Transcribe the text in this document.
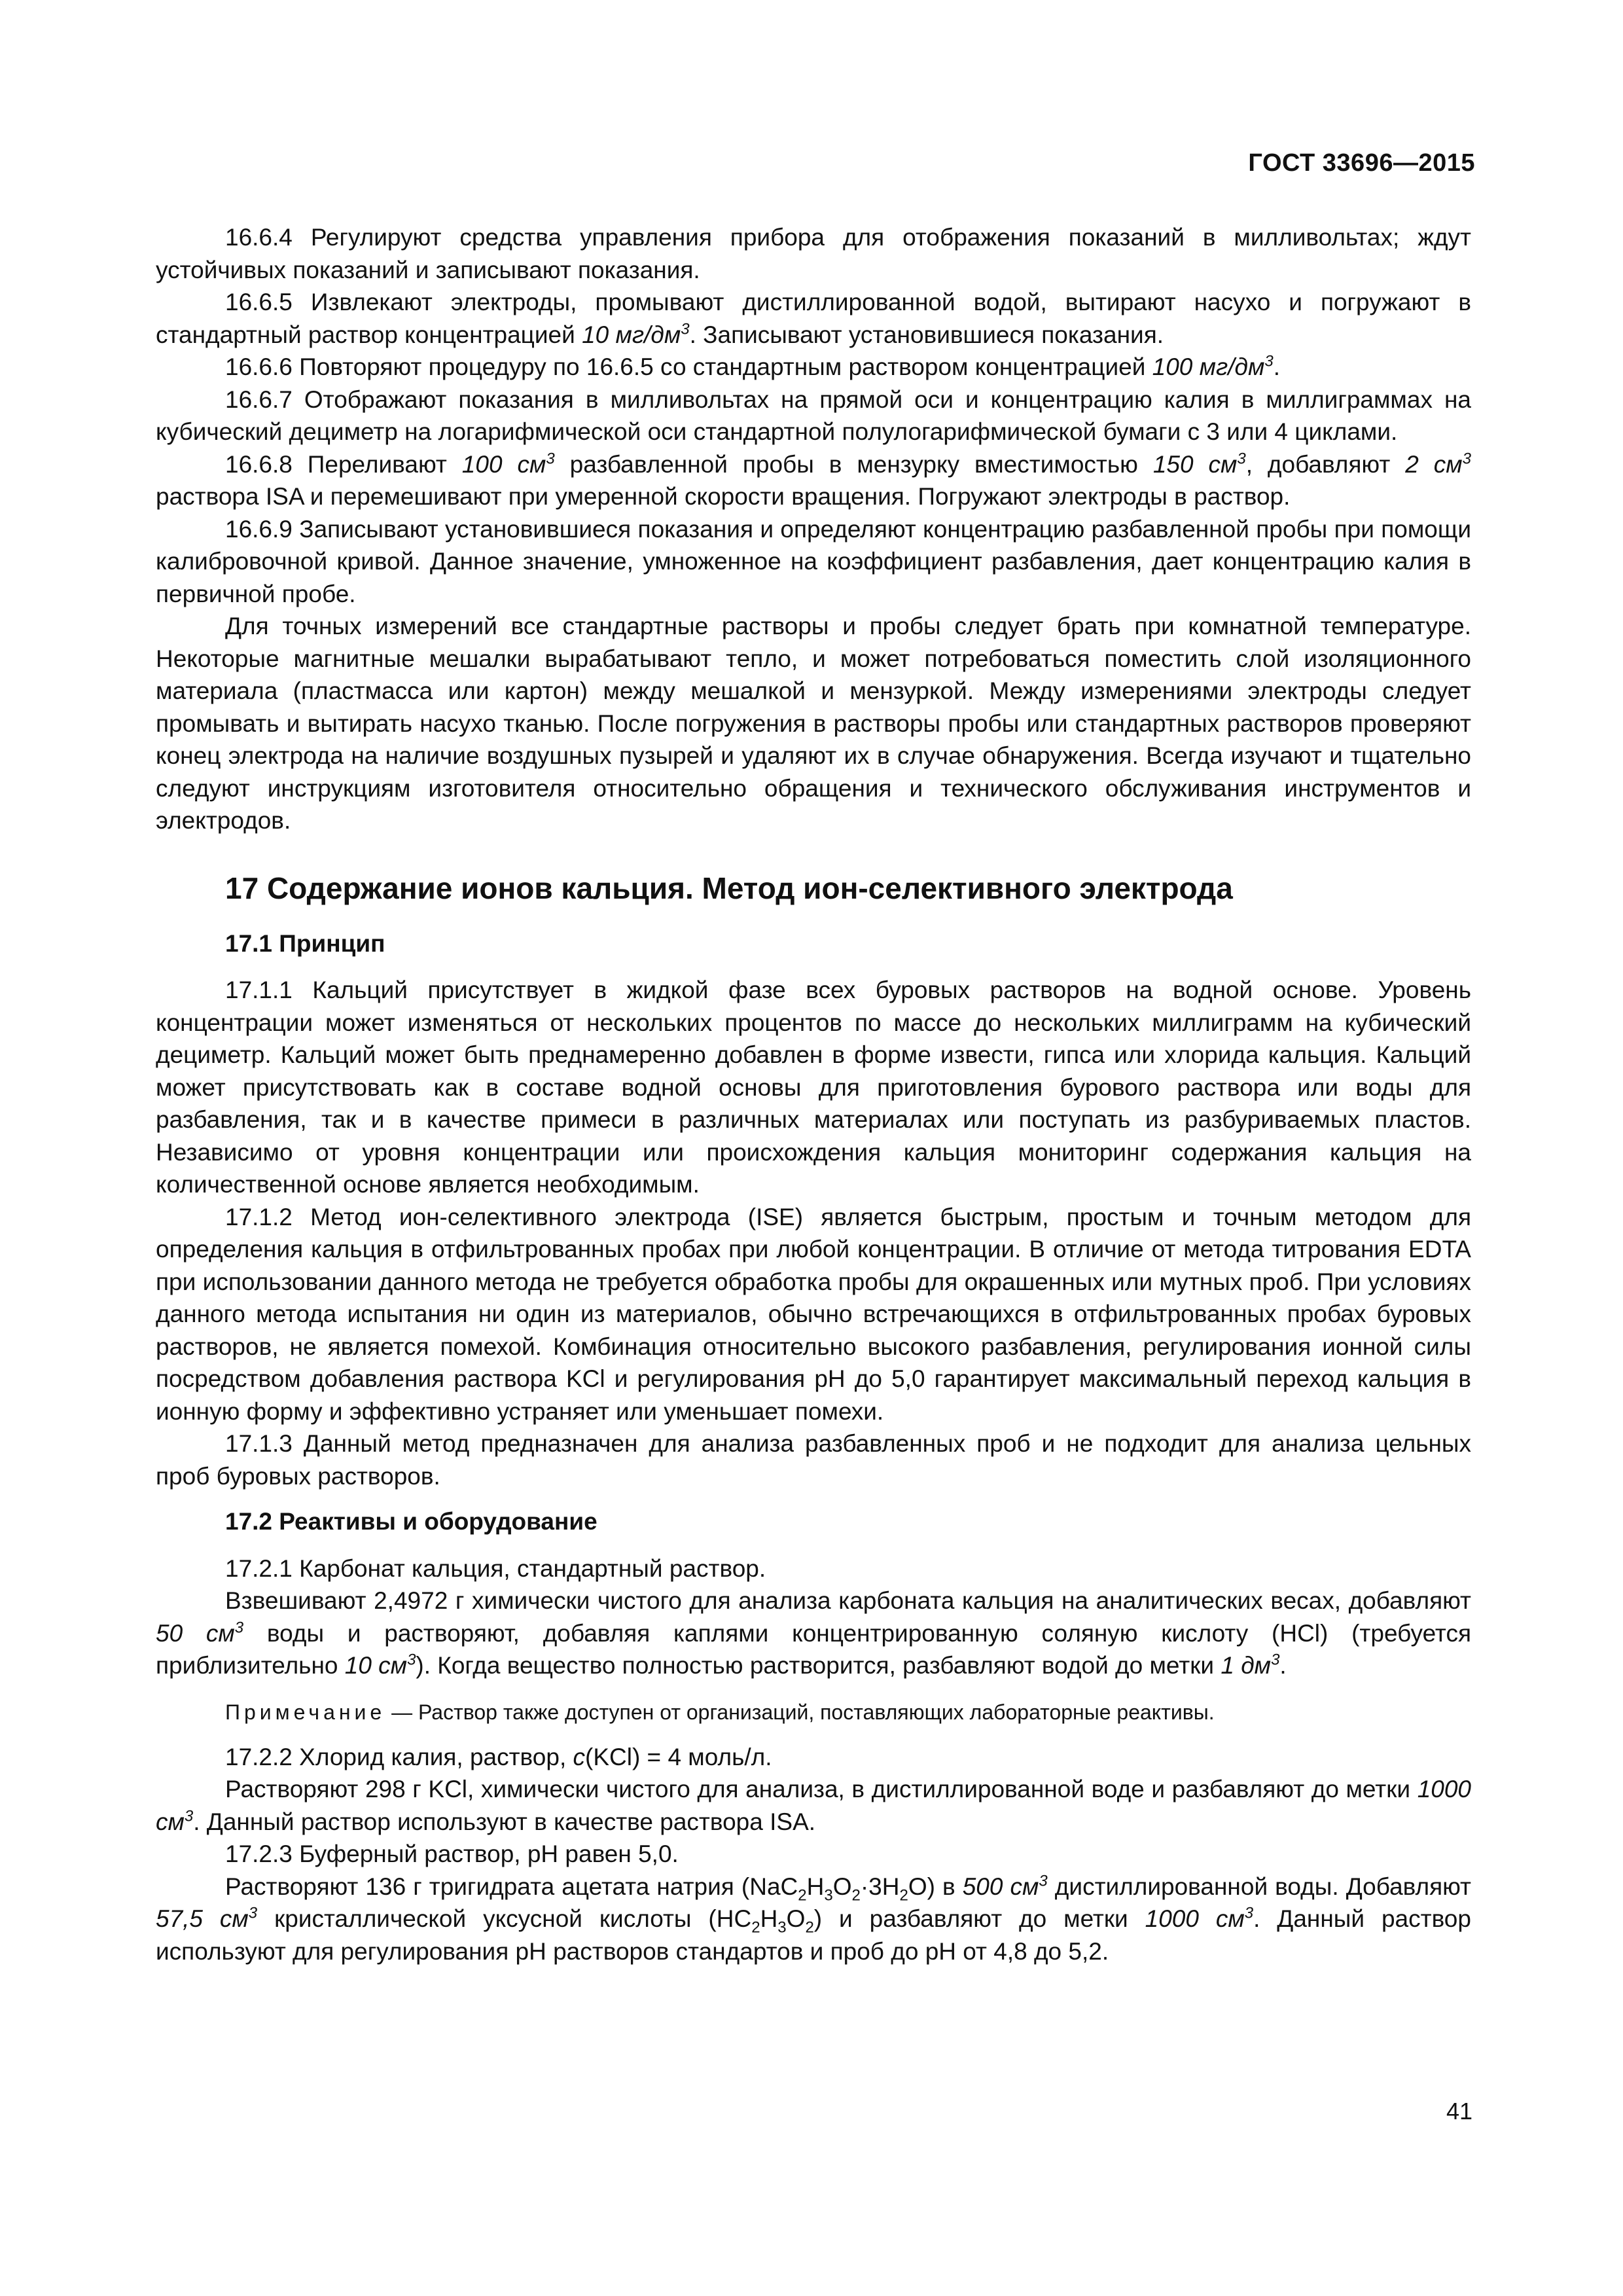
ГОСТ 33696—2015

16.6.4 Регулируют средства управления прибора для отображения показаний в милливольтах; ждут устойчивых показаний и записывают показания.

16.6.5 Извлекают электроды, промывают дистиллированной водой, вытирают насухо и погружают в стандартный раствор концентрацией 10 $мг/дм^3$. Записывают установившиеся показания.

16.6.6 Повторяют процедуру по 16.6.5 со стандартным раствором концентрацией 100 $мг/дм^3$.

16.6.7 Отображают показания в милливольтах на прямой оси и концентрацию калия в миллиграммах на кубический дециметр на логарифмической оси стандартной полулогарифмической бумаги с 3 или 4 циклами.

16.6.8 Переливают 100 $см^3$ разбавленной пробы в мензурку вместимостью 150 $см^3$, добавляют 2 $см^3$ раствора ISA и перемешивают при умеренной скорости вращения. Погружают электроды в раствор.

16.6.9 Записывают установившиеся показания и определяют концентрацию разбавленной пробы при помощи калибровочной кривой. Данное значение, умноженное на коэффициент разбавления, дает концентрацию калия в первичной пробе.

Для точных измерений все стандартные растворы и пробы следует брать при комнатной температуре. Некоторые магнитные мешалки вырабатывают тепло, и может потребоваться поместить слой изоляционного материала (пластмасса или картон) между мешалкой и мензуркой. Между измерениями электроды следует промывать и вытирать насухо тканью. После погружения в растворы пробы или стандартных растворов проверяют конец электрода на наличие воздушных пузырей и удаляют их в случае обнаружения. Всегда изучают и тщательно следуют инструкциям изготовителя относительно обращения и технического обслуживания инструментов и электродов.

17 Содержание ионов кальция. Метод ион-селективного электрода
17.1 Принцип

17.1.1 Кальций присутствует в жидкой фазе всех буровых растворов на водной основе. Уровень концентрации может изменяться от нескольких процентов по массе до нескольких миллиграмм на кубический дециметр. Кальций может быть преднамеренно добавлен в форме извести, гипса или хлорида кальция. Кальций может присутствовать как в составе водной основы для приготовления бурового раствора или воды для разбавления, так и в качестве примеси в различных материалах или поступать из разбуриваемых пластов. Независимо от уровня концентрации или происхождения кальция мониторинг содержания кальция на количественной основе является необходимым.

17.1.2 Метод ион-селективного электрода (ISE) является быстрым, простым и точным методом для определения кальция в отфильтрованных пробах при любой концентрации. В отличие от метода титрования EDTA при использовании данного метода не требуется обработка пробы для окрашенных или мутных проб. При условиях данного метода испытания ни один из материалов, обычно встречающихся в отфильтрованных пробах буровых растворов, не является помехой. Комбинация относительно высокого разбавления, регулирования ионной силы посредством добавления раствора KCl и регулирования pH до 5,0 гарантирует максимальный переход кальция в ионную форму и эффективно устраняет или уменьшает помехи.

17.1.3 Данный метод предназначен для анализа разбавленных проб и не подходит для анализа цельных проб буровых растворов.

17.2 Реактивы и оборудование

17.2.1 Карбонат кальция, стандартный раствор.

Взвешивают 2,4972 г химически чистого для анализа карбоната кальция на аналитических весах, добавляют 50 $см^3$ воды и растворяют, добавляя каплями концентрированную соляную кислоту (HCl) (требуется приблизительно 10 $см^3$). Когда вещество полностью растворится, разбавляют водой до метки 1 $дм^3$.

Примечание — Раствор также доступен от организаций, поставляющих лабораторные реактивы.

17.2.2 Хлорид калия, раствор, с(KCl) = 4 моль/л.

Растворяют 298 г KCl, химически чистого для анализа, в дистиллированной воде и разбавляют до метки 1000 $см^3$. Данный раствор используют в качестве раствора ISA.

17.2.3 Буферный раствор, pH равен 5,0.

Растворяют 136 г тригидрата ацетата натрия $(NaC_2H_3O_2\cdot 3H_2O)$ в 500 $см^3$ дистиллированной воды. Добавляют 57,5 $см^3$ кристаллической уксусной кислоты $(HC_2H_3O_2)$ и разбавляют до метки 1000 $см^3$. Данный раствор используют для регулирования pH растворов стандартов и проб до pH от 4,8 до 5,2.

41
